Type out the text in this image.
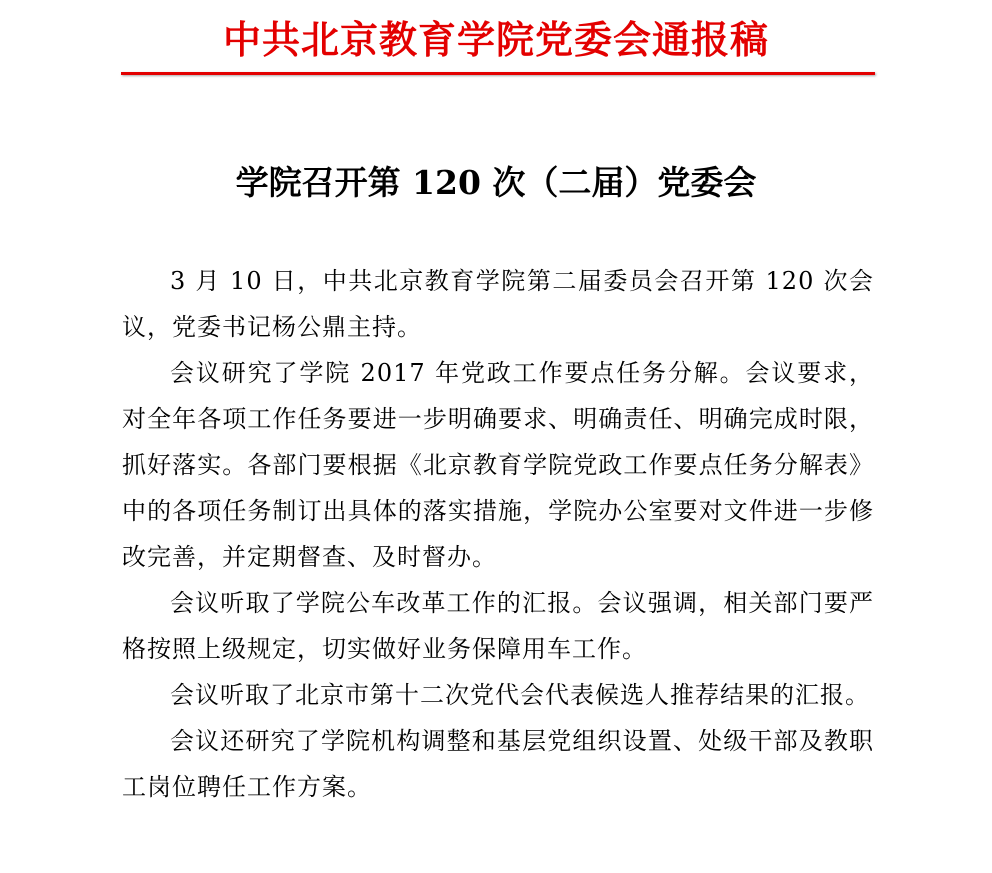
中共北京教育学院党委会通报稿
学院召开第 120 次（二届）党委会

3 月 10 日，中共北京教育学院第二届委员会召开第 120 次会议，党委书记杨公鼎主持。

会议研究了学院 2017 年党政工作要点任务分解。会议要求，对全年各项工作任务要进一步明确要求、明确责任、明确完成时限，抓好落实。各部门要根据《北京教育学院党政工作要点任务分解表》中的各项任务制订出具体的落实措施，学院办公室要对文件进一步修改完善，并定期督查、及时督办。

会议听取了学院公车改革工作的汇报。会议强调，相关部门要严格按照上级规定，切实做好业务保障用车工作。

会议听取了北京市第十二次党代会代表候选人推荐结果的汇报。

会议还研究了学院机构调整和基层党组织设置、处级干部及教职工岗位聘任工作方案。
